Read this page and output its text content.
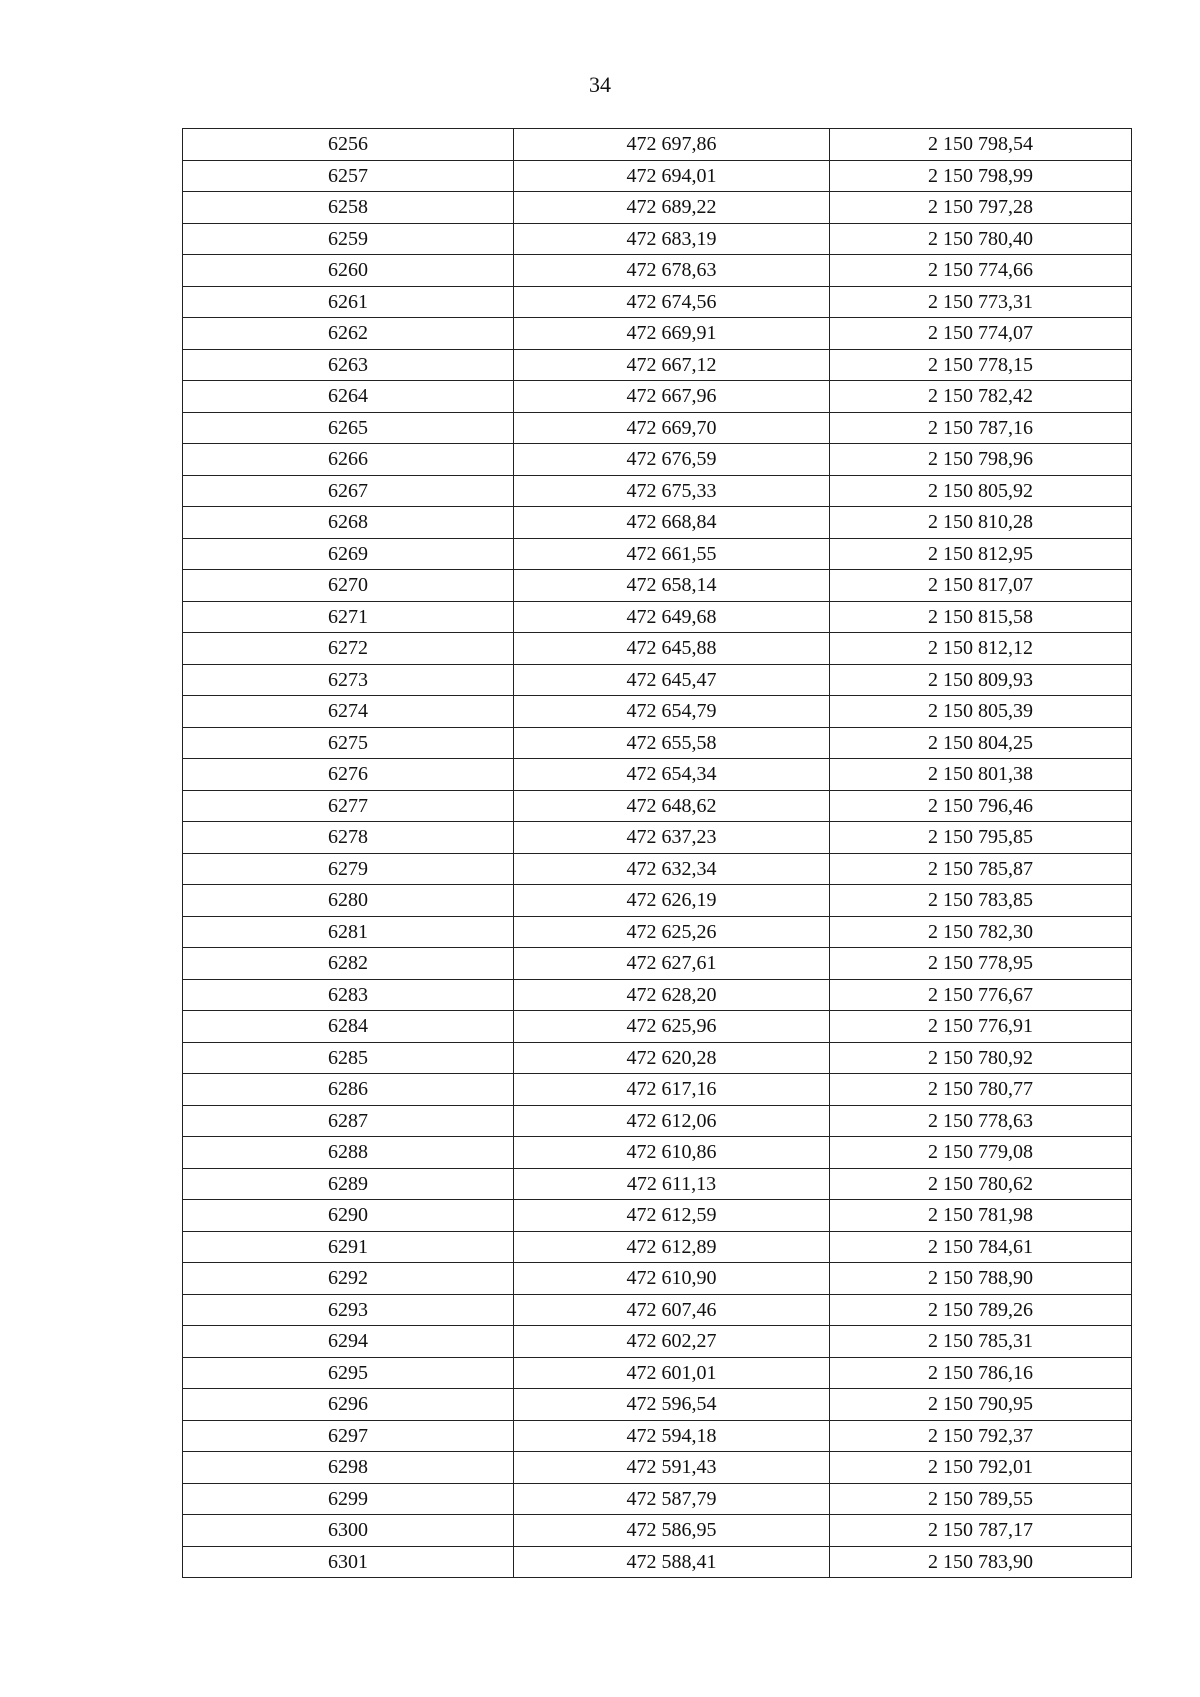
34
6256	472 697,86	2 150 798,54
6257	472 694,01	2 150 798,99
6258	472 689,22	2 150 797,28
6259	472 683,19	2 150 780,40
6260	472 678,63	2 150 774,66
6261	472 674,56	2 150 773,31
6262	472 669,91	2 150 774,07
6263	472 667,12	2 150 778,15
6264	472 667,96	2 150 782,42
6265	472 669,70	2 150 787,16
6266	472 676,59	2 150 798,96
6267	472 675,33	2 150 805,92
6268	472 668,84	2 150 810,28
6269	472 661,55	2 150 812,95
6270	472 658,14	2 150 817,07
6271	472 649,68	2 150 815,58
6272	472 645,88	2 150 812,12
6273	472 645,47	2 150 809,93
6274	472 654,79	2 150 805,39
6275	472 655,58	2 150 804,25
6276	472 654,34	2 150 801,38
6277	472 648,62	2 150 796,46
6278	472 637,23	2 150 795,85
6279	472 632,34	2 150 785,87
6280	472 626,19	2 150 783,85
6281	472 625,26	2 150 782,30
6282	472 627,61	2 150 778,95
6283	472 628,20	2 150 776,67
6284	472 625,96	2 150 776,91
6285	472 620,28	2 150 780,92
6286	472 617,16	2 150 780,77
6287	472 612,06	2 150 778,63
6288	472 610,86	2 150 779,08
6289	472 611,13	2 150 780,62
6290	472 612,59	2 150 781,98
6291	472 612,89	2 150 784,61
6292	472 610,90	2 150 788,90
6293	472 607,46	2 150 789,26
6294	472 602,27	2 150 785,31
6295	472 601,01	2 150 786,16
6296	472 596,54	2 150 790,95
6297	472 594,18	2 150 792,37
6298	472 591,43	2 150 792,01
6299	472 587,79	2 150 789,55
6300	472 586,95	2 150 787,17
6301	472 588,41	2 150 783,90
